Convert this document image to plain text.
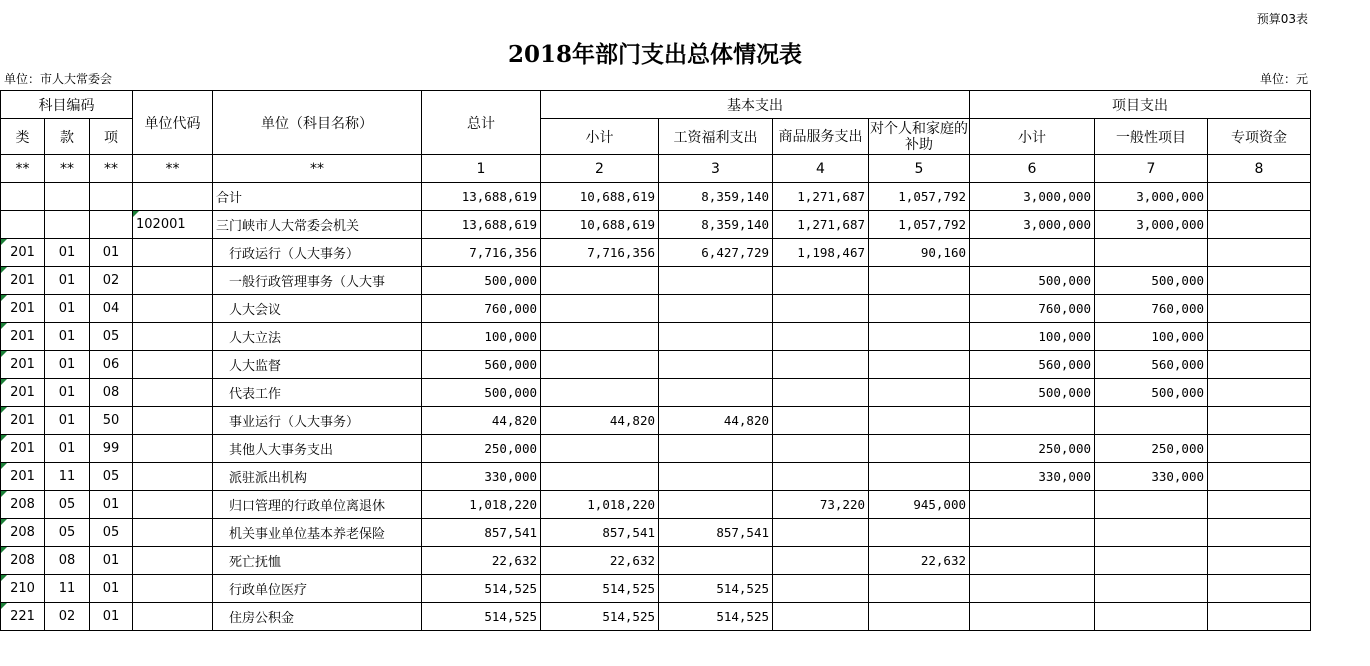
预算03表
2018年部门支出总体情况表
单位：市人大常委会	单位：元
科目编码			单位代码	单位（科目名称）	总计	基本支出				项目支出		
类	款	项				小计	工资福利支出	商品服务支出	对个人和家庭的补助	小计	一般性项目	专项资金
**	**	**	**	**	1	2	3	4	5	6	7	8
				合计	13,688,619	10,688,619	8,359,140	1,271,687	1,057,792	3,000,000	3,000,000	
			102001	三门峡市人大常委会机关	13,688,619	10,688,619	8,359,140	1,271,687	1,057,792	3,000,000	3,000,000	
201	01	01		行政运行（人大事务）	7,716,356	7,716,356	6,427,729	1,198,467	90,160			
201	01	02		一般行政管理事务（人大事	500,000					500,000	500,000	
201	01	04		人大会议	760,000					760,000	760,000	
201	01	05		人大立法	100,000					100,000	100,000	
201	01	06		人大监督	560,000					560,000	560,000	
201	01	08		代表工作	500,000					500,000	500,000	
201	01	50		事业运行（人大事务）	44,820	44,820	44,820					
201	01	99		其他人大事务支出	250,000					250,000	250,000	
201	11	05		派驻派出机构	330,000					330,000	330,000	
208	05	01		归口管理的行政单位离退休	1,018,220	1,018,220		73,220	945,000			
208	05	05		机关事业单位基本养老保险	857,541	857,541	857,541					
208	08	01		死亡抚恤	22,632	22,632			22,632			
210	11	01		行政单位医疗	514,525	514,525	514,525					
221	02	01		住房公积金	514,525	514,525	514,525					
